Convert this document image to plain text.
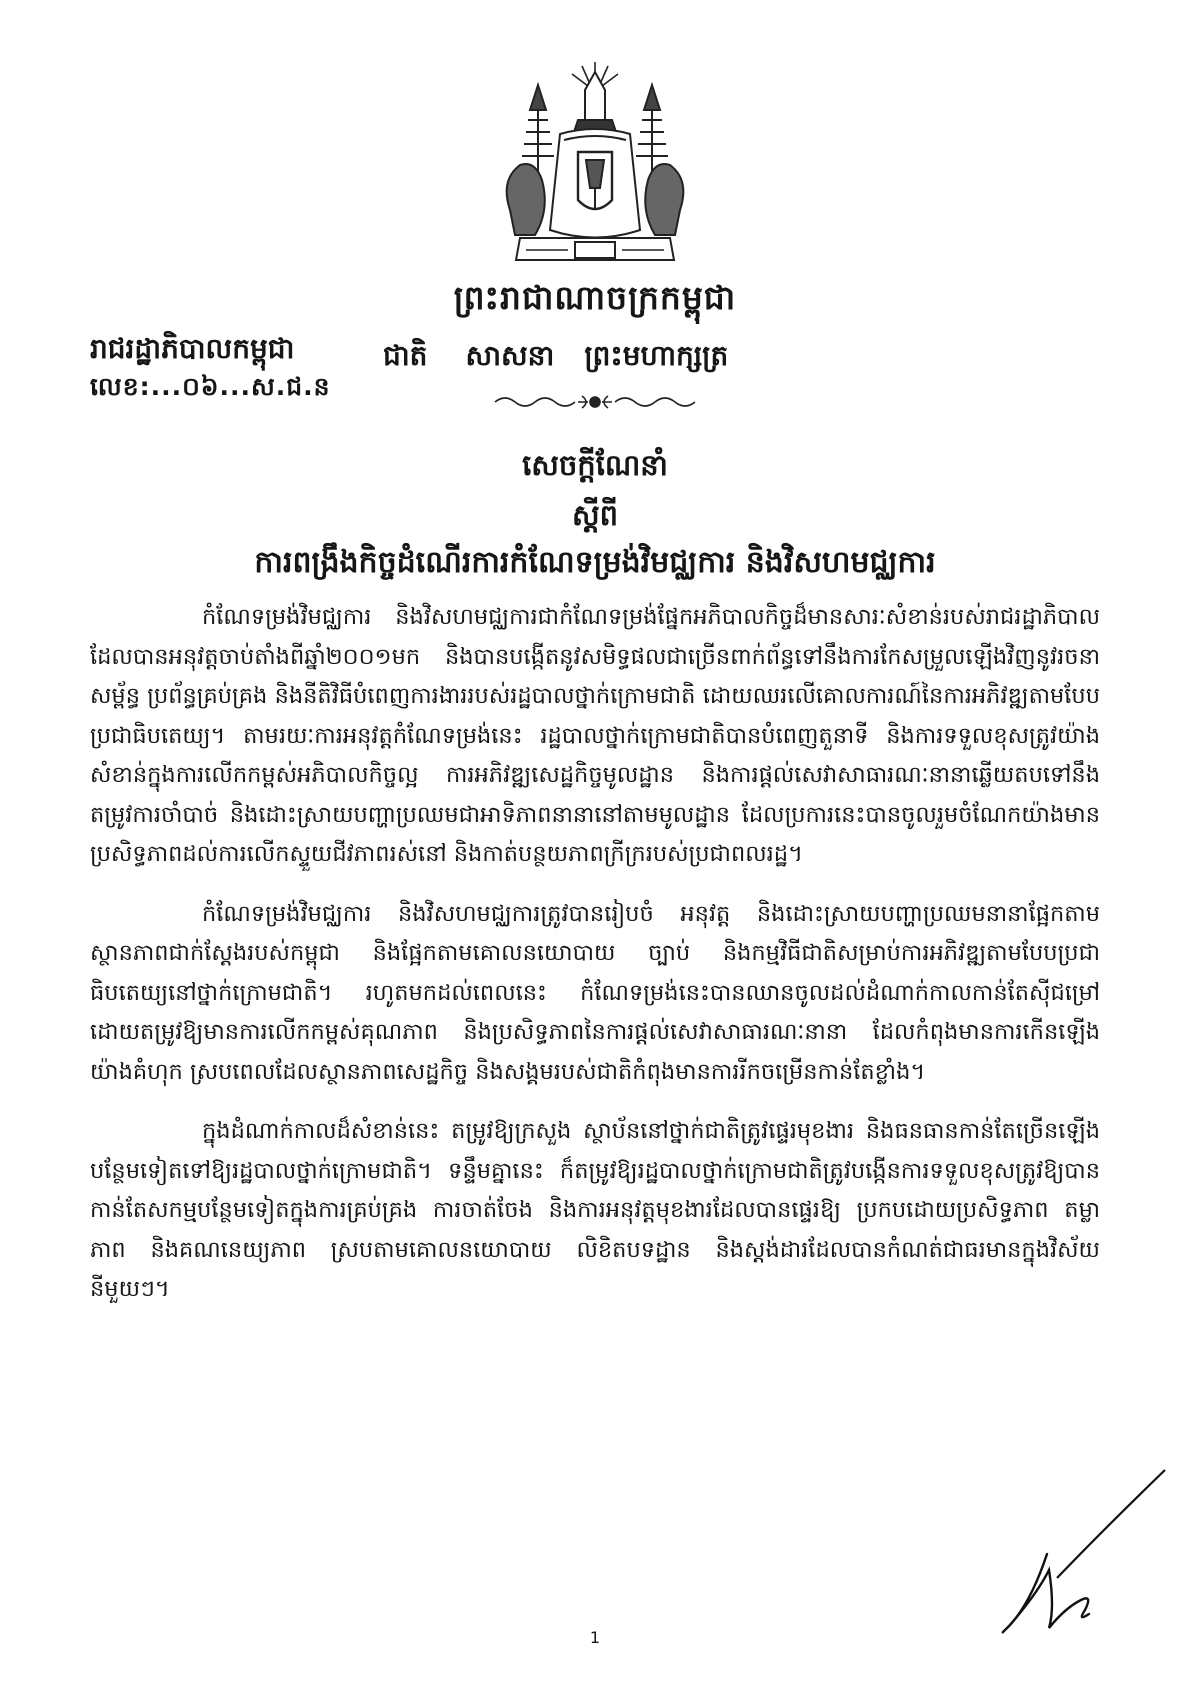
ព្រះរាជាណាចក្រកម្ពុជា
រាជរដ្ឋាភិបាលកម្ពុជា	ជាតិ សាសនា ព្រះមហាក្សត្រ
លេខ:...០៦...ស.ជ.ន
សេចក្តីណែនាំ
ស្តីពី
ការពង្រឹងកិច្ចដំណើរការកំណែទម្រង់វិមជ្ឈការ និងវិសហមជ្ឈការ

កំណែទម្រង់វិមជ្ឈការ និងវិសហមជ្ឈការជាកំណែទម្រង់ផ្នែកអភិបាលកិច្ចដ៏មានសារៈសំខាន់របស់រាជរដ្ឋាភិបាល ដែលបានអនុវត្តចាប់តាំងពីឆ្នាំ២០០១មក និងបានបង្កើតនូវសមិទ្ធផលជាច្រើនពាក់ព័ន្ធទៅនឹងការកែសម្រួលឡើងវិញនូវរចនាសម្ព័ន្ធ ប្រព័ន្ធគ្រប់គ្រង និងនីតិវិធីបំពេញការងាររបស់រដ្ឋបាលថ្នាក់ក្រោមជាតិ ដោយឈរលើគោលការណ៍នៃការអភិវឌ្ឍតាមបែបប្រជាធិបតេយ្យ។ តាមរយៈការអនុវត្តកំណែទម្រង់នេះ រដ្ឋបាលថ្នាក់ក្រោមជាតិបានបំពេញតួនាទី និងការទទួលខុសត្រូវយ៉ាងសំខាន់ក្នុងការលើកកម្ពស់អភិបាលកិច្ចល្អ ការអភិវឌ្ឍសេដ្ឋកិច្ចមូលដ្ឋាន និងការផ្តល់សេវាសាធារណៈនានាឆ្លើយតបទៅនឹងតម្រូវការចាំបាច់ និងដោះស្រាយបញ្ហាប្រឈមជាអាទិភាពនានានៅតាមមូលដ្ឋាន ដែលប្រការនេះបានចូលរួមចំណែកយ៉ាងមានប្រសិទ្ធភាពដល់ការលើកស្ទួយជីវភាពរស់នៅ និងកាត់បន្ថយភាពក្រីក្ររបស់ប្រជាពលរដ្ឋ។

កំណែទម្រង់វិមជ្ឈការ និងវិសហមជ្ឈការត្រូវបានរៀបចំ អនុវត្ត និងដោះស្រាយបញ្ហាប្រឈមនានាផ្អែកតាមស្ថានភាពជាក់ស្តែងរបស់កម្ពុជា និងផ្អែកតាមគោលនយោបាយ ច្បាប់ និងកម្មវិធីជាតិសម្រាប់ការអភិវឌ្ឍតាមបែបប្រជាធិបតេយ្យនៅថ្នាក់ក្រោមជាតិ។ រហូតមកដល់ពេលនេះ កំណែទម្រង់នេះបានឈានចូលដល់ដំណាក់កាលកាន់តែស៊ីជម្រៅ ដោយតម្រូវឱ្យមានការលើកកម្ពស់គុណភាព និងប្រសិទ្ធភាពនៃការផ្តល់សេវាសាធារណៈនានា ដែលកំពុងមានការកើនឡើងយ៉ាងគំហុក ស្របពេលដែលស្ថានភាពសេដ្ឋកិច្ច និងសង្គមរបស់ជាតិកំពុងមានការរីកចម្រើនកាន់តែខ្លាំង។

ក្នុងដំណាក់កាលដ៏សំខាន់នេះ តម្រូវឱ្យក្រសួង ស្ថាប័ននៅថ្នាក់ជាតិត្រូវផ្ទេរមុខងារ និងធនធានកាន់តែច្រើនឡើងបន្ថែមទៀតទៅឱ្យរដ្ឋបាលថ្នាក់ក្រោមជាតិ។ ទន្ទឹមគ្នានេះ ក៏តម្រូវឱ្យរដ្ឋបាលថ្នាក់ក្រោមជាតិត្រូវបង្កើនការទទួលខុសត្រូវឱ្យបានកាន់តែសកម្មបន្ថែមទៀតក្នុងការគ្រប់គ្រង ការចាត់ចែង និងការអនុវត្តមុខងារដែលបានផ្ទេរឱ្យ ប្រកបដោយប្រសិទ្ធភាព តម្លាភាព និងគណនេយ្យភាព ស្របតាមគោលនយោបាយ លិខិតបទដ្ឋាន និងស្តង់ដារដែលបានកំណត់ជាធរមានក្នុងវិស័យនីមួយៗ។

1
